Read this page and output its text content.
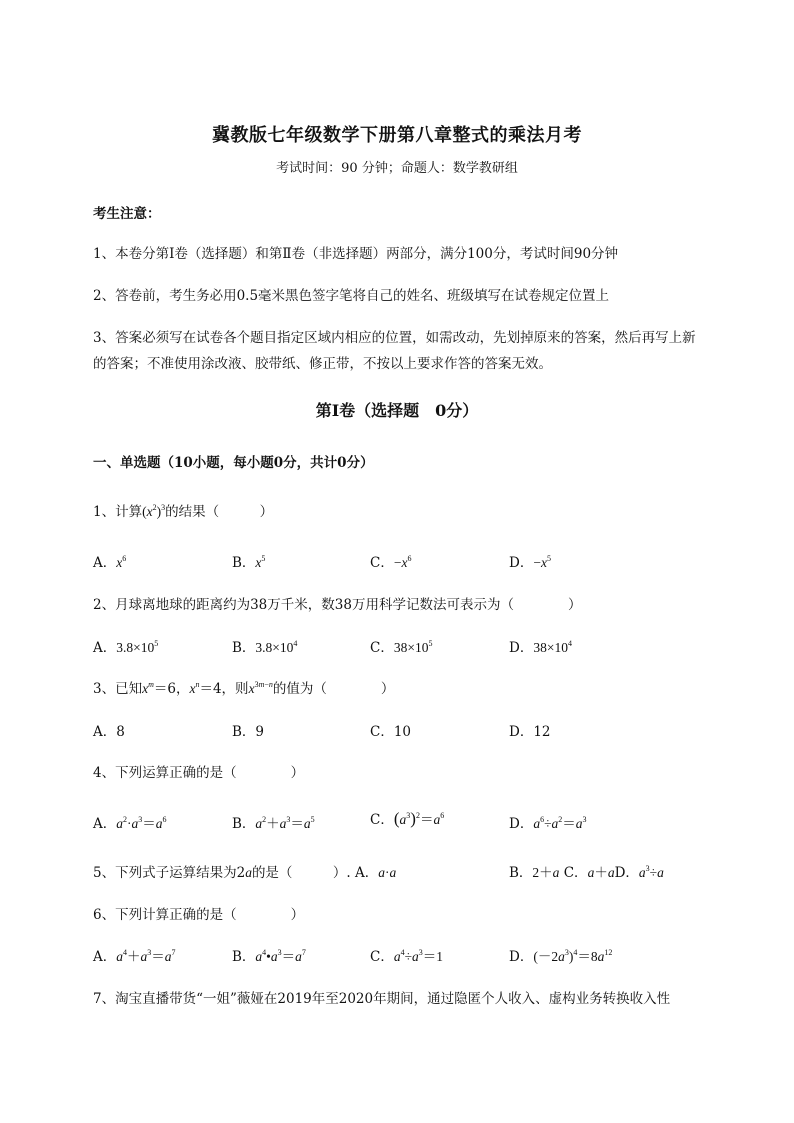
冀教版七年级数学下册第八章整式的乘法月考
考试时间：90 分钟；命题人：数学教研组
考生注意：
1、本卷分第Ⅰ卷（选择题）和第Ⅱ卷（非选择题）两部分，满分100分，考试时间90分钟
2、答卷前，考生务必用0.5毫米黑色签字笔将自己的姓名、班级填写在试卷规定位置上
3、答案必须写在试卷各个题目指定区域内相应的位置，如需改动，先划掉原来的答案，然后再写上新
的答案；不准使用涂改液、胶带纸、修正带，不按以上要求作答的答案无效。
第Ⅰ卷（选择题　0分）
一、单选题（10小题，每小题0分，共计0分）
1、计算$(x^2)^3$的结果（　　　）
A．$x^6$	B．$x^5$	C．$-x^6$	D．$-x^5$
2、月球离地球的距离约为38万千米，数38万用科学记数法可表示为（　　　　）
A．$3.8\times 10^5$	B．$3.8\times 10^4$	C．$38\times 10^5$	D．$38\times 10^4$
3、已知$x^m=6$，$x^n=4$，则$x^{3m-n}$的值为（　　　　）
A．8	B．9	C．10	D．12
4、下列运算正确的是（　　　　）
A．$a^2\cdot a^3=a^6$	B．$a^2+a^3=a^5$	C．$(a^3)^2=a^6$
D．$a^6\div a^2=a^3$
5、下列式子运算结果为2a的是（　　　）. A．a·a	B．2＋a C．a＋aD．$a^3\div a$
6、下列计算正确的是（　　　　）
A．$a^4+a^3=a^7$	B．$a^4•a^3=a^7$	C．$a^4\div a^3=1$	D．$(-2a^3)^4=8a^{12}$
7、淘宝直播带货“一姐”薇娅在2019年至2020年期间，通过隐匿个人收入、虚构业务转换收入性
